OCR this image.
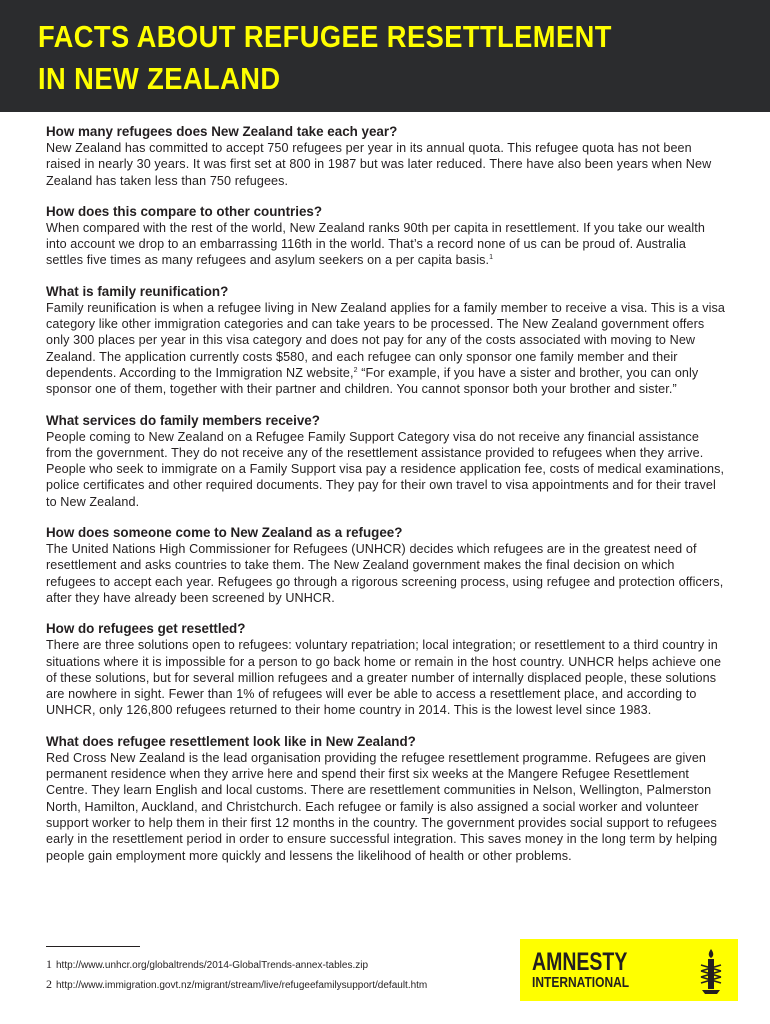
FACTS ABOUT REFUGEE RESETTLEMENT
IN NEW ZEALAND
How many refugees does New Zealand take each year?

New Zealand has committed to accept 750 refugees per year in its annual quota. This refugee quota has not been raised in nearly 30 years. It was first set at 800 in 1987 but was later reduced. There have also been years when New Zealand has taken less than 750 refugees.

How does this compare to other countries?

When compared with the rest of the world, New Zealand ranks 90th per capita in resettlement. If you take our wealth into account we drop to an embarrassing 116th in the world. That’s a record none of us can be proud of. Australia settles five times as many refugees and asylum seekers on a per capita basis.$^1$

What is family reunification?

Family reunification is when a refugee living in New Zealand applies for a family member to receive a visa. This is a visa category like other immigration categories and can take years to be processed. The New Zealand government offers only 300 places per year in this visa category and does not pay for any of the costs associated with moving to New Zealand. The application currently costs $580, and each refugee can only sponsor one family member and their dependents. According to the Immigration NZ website,$^2$ “For example, if you have a sister and brother, you can only sponsor one of them, together with their partner and children. You cannot sponsor both your brother and sister.”

What services do family members receive?

People coming to New Zealand on a Refugee Family Support Category visa do not receive any financial assistance from the government. They do not receive any of the resettlement assistance provided to refugees when they arrive. People who seek to immigrate on a Family Support visa pay a residence application fee, costs of medical examinations, police certificates and other required documents. They pay for their own travel to visa appointments and for their travel to New Zealand.

How does someone come to New Zealand as a refugee?

The United Nations High Commissioner for Refugees (UNHCR) decides which refugees are in the greatest need of resettlement and asks countries to take them. The New Zealand government makes the final decision on which refugees to accept each year. Refugees go through a rigorous screening process, using refugee and protection officers, after they have already been screened by UNHCR.

How do refugees get resettled?

There are three solutions open to refugees: voluntary repatriation; local integration; or resettlement to a third country in situations where it is impossible for a person to go back home or remain in the host country. UNHCR helps achieve one of these solutions, but for several million refugees and a greater number of internally displaced people, these solutions are nowhere in sight. Fewer than 1% of refugees will ever be able to access a resettlement place, and according to UNHCR, only 126,800 refugees returned to their home country in 2014. This is the lowest level since 1983.

What does refugee resettlement look like in New Zealand?

Red Cross New Zealand is the lead organisation providing the refugee resettlement programme. Refugees are given permanent residence when they arrive here and spend their first six weeks at the Mangere Refugee Resettlement Centre. They learn English and local customs. There are resettlement communities in Nelson, Wellington, Palmerston North, Hamilton, Auckland, and Christchurch. Each refugee or family is also assigned a social worker and volunteer support worker to help them in their first 12 months in the country. The government provides social support to refugees early in the resettlement period in order to ensure successful integration. This saves money in the long term by helping people gain employment more quickly and lessens the likelihood of health or other problems.

1 http://www.unhcr.org/globaltrends/2014-GlobalTrends-annex-tables.zip
2 http://www.immigration.govt.nz/migrant/stream/live/refugeefamilysupport/default.htm
AMNESTY
INTERNATIONAL
